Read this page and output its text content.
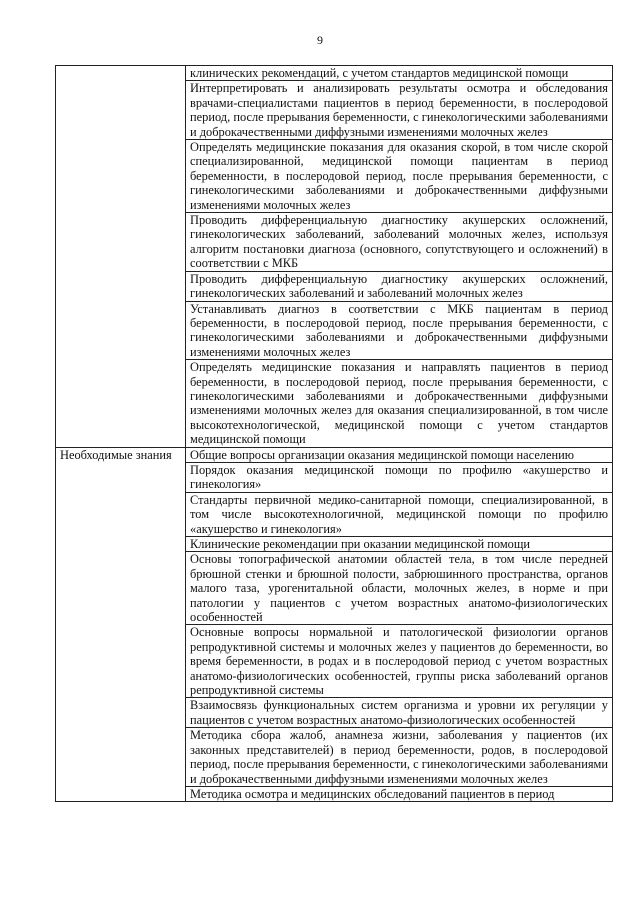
9

	клинических рекомендаций, с учетом стандартов медицинской помощи

	Интерпретировать и анализировать результаты осмотра и обследования врачами-специалистами пациентов в период беременности, в послеродовой период, после прерывания беременности, с гинекологическими заболеваниями и доброкачественными диффузными изменениями молочных желез

	Определять медицинские показания для оказания скорой, в том числе скорой специализированной, медицинской помощи пациентам в период беременности, в послеродовой период, после прерывания беременности, с гинекологическими заболеваниями и доброкачественными диффузными изменениями молочных желез

	Проводить дифференциальную диагностику акушерских осложнений, гинекологических заболеваний, заболеваний молочных желез, используя алгоритм постановки диагноза (основного, сопутствующего и осложнений) в соответствии с МКБ

	Проводить дифференциальную диагностику акушерских осложнений, гинекологических заболеваний и заболеваний молочных желез

	Устанавливать диагноз в соответствии с МКБ пациентам в период беременности, в послеродовой период, после прерывания беременности, с гинекологическими заболеваниями и доброкачественными диффузными изменениями молочных желез

	Определять медицинские показания и направлять пациентов в период беременности, в послеродовой период, после прерывания беременности, с гинекологическими заболеваниями и доброкачественными диффузными изменениями молочных желез для оказания специализированной, в том числе высокотехнологической, медицинской помощи с учетом стандартов медицинской помощи

Необходимые знания	Общие вопросы организации оказания медицинской помощи населению

	Порядок оказания медицинской помощи по профилю «акушерство и гинекология»

	Стандарты первичной медико-санитарной помощи, специализированной, в том числе высокотехнологичной, медицинской помощи по профилю «акушерство и гинекология»

	Клинические рекомендации при оказании медицинской помощи

	Основы топографической анатомии областей тела, в том числе передней брюшной стенки и брюшной полости, забрюшинного пространства, органов малого таза, урогенитальной области, молочных желез, в норме и при патологии у пациентов с учетом возрастных анатомо-физиологических особенностей

	Основные вопросы нормальной и патологической физиологии органов репродуктивной системы и молочных желез у пациентов до беременности, во время беременности, в родах и в послеродовой период с учетом возрастных анатомо-физиологических особенностей, группы риска заболеваний органов репродуктивной системы

	Взаимосвязь функциональных систем организма и уровни их регуляции у пациентов с учетом возрастных анатомо-физиологических особенностей

	Методика сбора жалоб, анамнеза жизни, заболевания у пациентов (их законных представителей) в период беременности, родов, в послеродовой период, после прерывания беременности, с гинекологическими заболеваниями и доброкачественными диффузными изменениями молочных желез

	Методика осмотра и медицинских обследований пациентов в период
